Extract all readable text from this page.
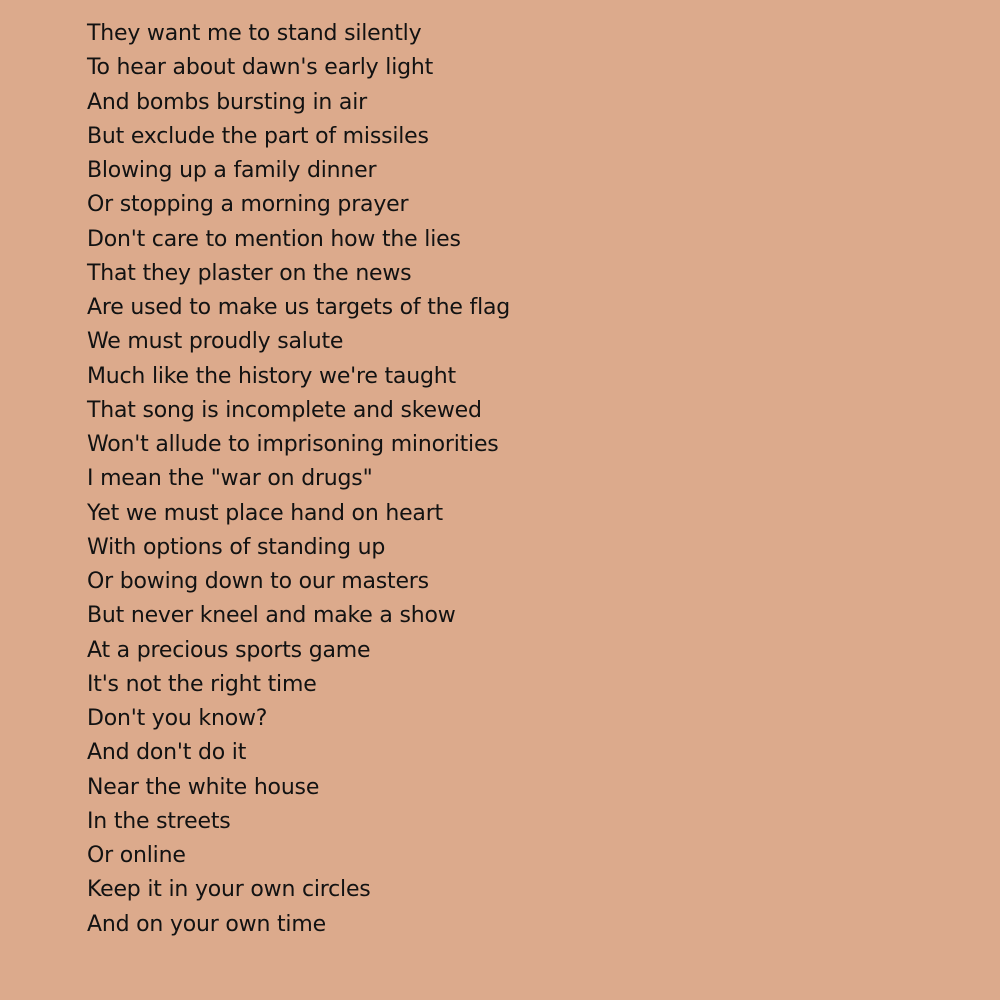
They want me to stand silently
To hear about dawn's early light
And bombs bursting in air
But exclude the part of missiles
Blowing up a family dinner
Or stopping a morning prayer
Don't care to mention how the lies
That they plaster on the news
Are used to make us targets of the flag
We must proudly salute
Much like the history we're taught
That song is incomplete and skewed
Won't allude to imprisoning minorities
I mean the "war on drugs"
Yet we must place hand on heart
With options of standing up
Or bowing down to our masters
But never kneel and make a show
At a precious sports game
It's not the right time
Don't you know?
And don't do it
Near the white house
In the streets
Or online
Keep it in your own circles
And on your own time
